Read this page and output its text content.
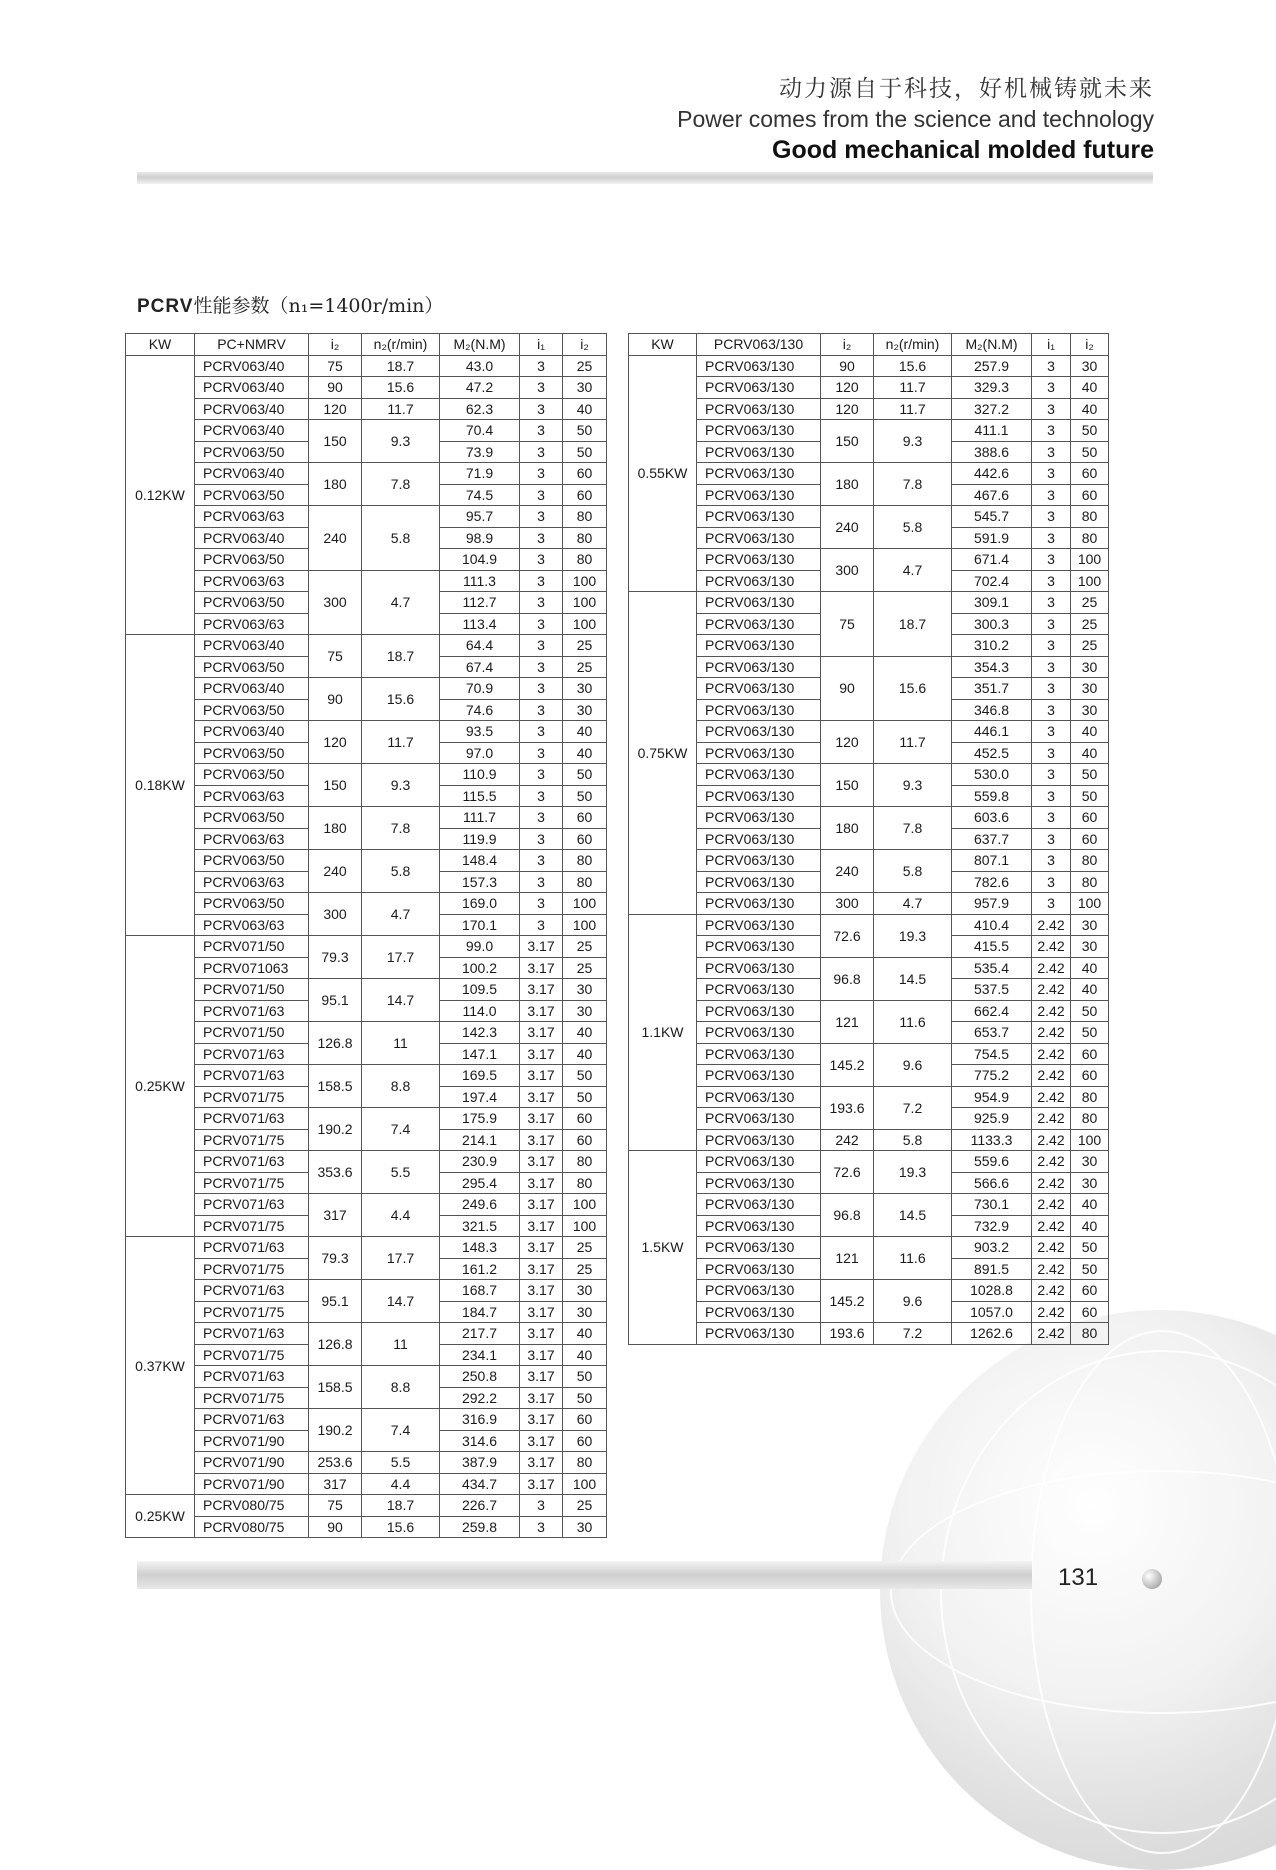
动力源自于科技，好机械铸就未来

Power comes from the science and technology

Good mechanical molded future

PCRV性能参数（n₁=1400r/min）

KW	PC+NMRV	i₂	n₂(r/min)	M₂(N.M)	i₁	i₂
0.12KW	PCRV063/40	75	18.7	43.0	3	25
	PCRV063/40	90	15.6	47.2	3	30
	PCRV063/40	120	11.7	62.3	3	40
	PCRV063/40	150	9.3	70.4	3	50
	PCRV063/50			73.9	3	50
	PCRV063/40	180	7.8	71.9	3	60
	PCRV063/50			74.5	3	60
	PCRV063/63	240	5.8	95.7	3	80
	PCRV063/40			98.9	3	80
	PCRV063/50			104.9	3	80
	PCRV063/63	300	4.7	111.3	3	100
	PCRV063/50			112.7	3	100
	PCRV063/63			113.4	3	100
0.18KW	PCRV063/40	75	18.7	64.4	3	25
	PCRV063/50			67.4	3	25
	PCRV063/40	90	15.6	70.9	3	30
	PCRV063/50			74.6	3	30
	PCRV063/40	120	11.7	93.5	3	40
	PCRV063/50			97.0	3	40
	PCRV063/50	150	9.3	110.9	3	50
	PCRV063/63			115.5	3	50
	PCRV063/50	180	7.8	111.7	3	60
	PCRV063/63			119.9	3	60
	PCRV063/50	240	5.8	148.4	3	80
	PCRV063/63			157.3	3	80
	PCRV063/50	300	4.7	169.0	3	100
	PCRV063/63			170.1	3	100
0.25KW	PCRV071/50	79.3	17.7	99.0	3.17	25
	PCRV071063			100.2	3.17	25
	PCRV071/50	95.1	14.7	109.5	3.17	30
	PCRV071/63			114.0	3.17	30
	PCRV071/50	126.8	11	142.3	3.17	40
	PCRV071/63			147.1	3.17	40
	PCRV071/63	158.5	8.8	169.5	3.17	50
	PCRV071/75			197.4	3.17	50
	PCRV071/63	190.2	7.4	175.9	3.17	60
	PCRV071/75			214.1	3.17	60
	PCRV071/63	353.6	5.5	230.9	3.17	80
	PCRV071/75			295.4	3.17	80
	PCRV071/63	317	4.4	249.6	3.17	100
	PCRV071/75			321.5	3.17	100
0.37KW	PCRV071/63	79.3	17.7	148.3	3.17	25
	PCRV071/75			161.2	3.17	25
	PCRV071/63	95.1	14.7	168.7	3.17	30
	PCRV071/75			184.7	3.17	30
	PCRV071/63	126.8	11	217.7	3.17	40
	PCRV071/75			234.1	3.17	40
	PCRV071/63	158.5	8.8	250.8	3.17	50
	PCRV071/75			292.2	3.17	50
	PCRV071/63	190.2	7.4	316.9	3.17	60
	PCRV071/90			314.6	3.17	60
	PCRV071/90	253.6	5.5	387.9	3.17	80
	PCRV071/90	317	4.4	434.7	3.17	100
0.25KW	PCRV080/75	75	18.7	226.7	3	25
	PCRV080/75	90	15.6	259.8	3	30
KW	PCRV063/130	i₂	n₂(r/min)	M₂(N.M)	i₁	i₂
0.55KW	PCRV063/130	90	15.6	257.9	3	30
	PCRV063/130	120	11.7	329.3	3	40
	PCRV063/130	120	11.7	327.2	3	40
	PCRV063/130	150	9.3	411.1	3	50
	PCRV063/130			388.6	3	50
	PCRV063/130	180	7.8	442.6	3	60
	PCRV063/130			467.6	3	60
	PCRV063/130	240	5.8	545.7	3	80
	PCRV063/130			591.9	3	80
	PCRV063/130	300	4.7	671.4	3	100
	PCRV063/130			702.4	3	100
0.75KW	PCRV063/130	75	18.7	309.1	3	25
	PCRV063/130			300.3	3	25
	PCRV063/130			310.2	3	25
	PCRV063/130	90	15.6	354.3	3	30
	PCRV063/130			351.7	3	30
	PCRV063/130			346.8	3	30
	PCRV063/130	120	11.7	446.1	3	40
	PCRV063/130			452.5	3	40
	PCRV063/130	150	9.3	530.0	3	50
	PCRV063/130			559.8	3	50
	PCRV063/130	180	7.8	603.6	3	60
	PCRV063/130			637.7	3	60
	PCRV063/130	240	5.8	807.1	3	80
	PCRV063/130			782.6	3	80
	PCRV063/130	300	4.7	957.9	3	100
1.1KW	PCRV063/130	72.6	19.3	410.4	2.42	30
	PCRV063/130			415.5	2.42	30
	PCRV063/130	96.8	14.5	535.4	2.42	40
	PCRV063/130			537.5	2.42	40
	PCRV063/130	121	11.6	662.4	2.42	50
	PCRV063/130			653.7	2.42	50
	PCRV063/130	145.2	9.6	754.5	2.42	60
	PCRV063/130			775.2	2.42	60
	PCRV063/130	193.6	7.2	954.9	2.42	80
	PCRV063/130			925.9	2.42	80
	PCRV063/130	242	5.8	1133.3	2.42	100
1.5KW	PCRV063/130	72.6	19.3	559.6	2.42	30
	PCRV063/130			566.6	2.42	30
	PCRV063/130	96.8	14.5	730.1	2.42	40
	PCRV063/130			732.9	2.42	40
	PCRV063/130	121	11.6	903.2	2.42	50
	PCRV063/130			891.5	2.42	50
	PCRV063/130	145.2	9.6	1028.8	2.42	60
	PCRV063/130			1057.0	2.42	60
	PCRV063/130	193.6	7.2	1262.6	2.42	80
131
